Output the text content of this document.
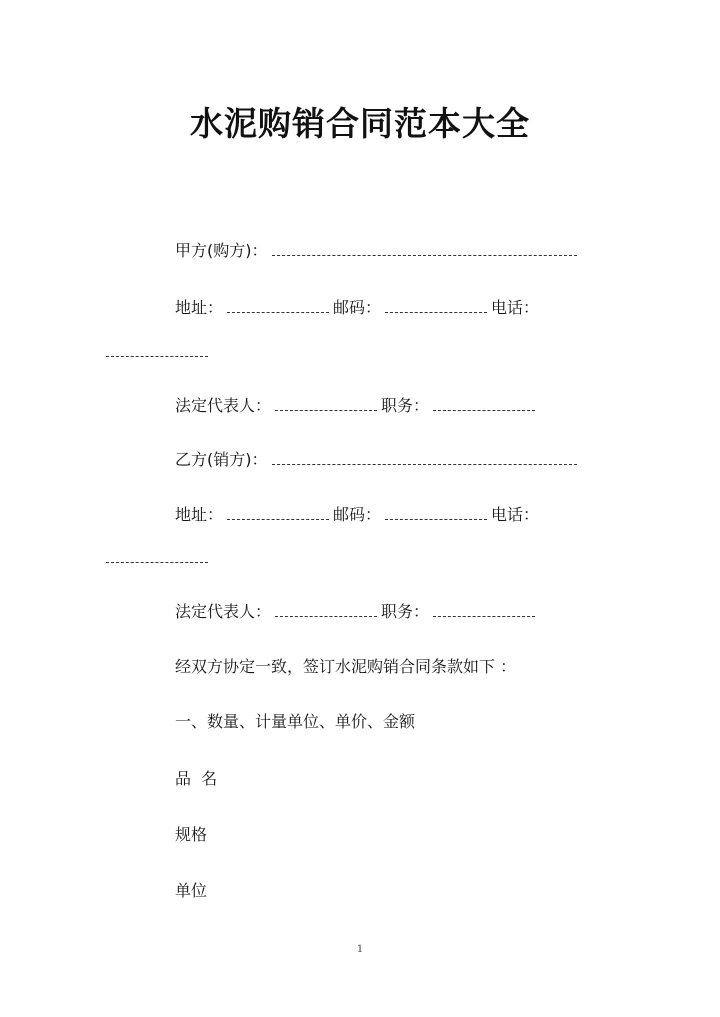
水泥购销合同范本大全
甲方(购方)：
地址：	邮码：	电话：
法定代表人：	职务：
乙方(销方)：
地址：	邮码：	电话：
法定代表人：	职务：
经双方协定一致，签订水泥购销合同条款如下 ：
一、数量、计量单位、单价、金额
品  名
规格
单位
1
